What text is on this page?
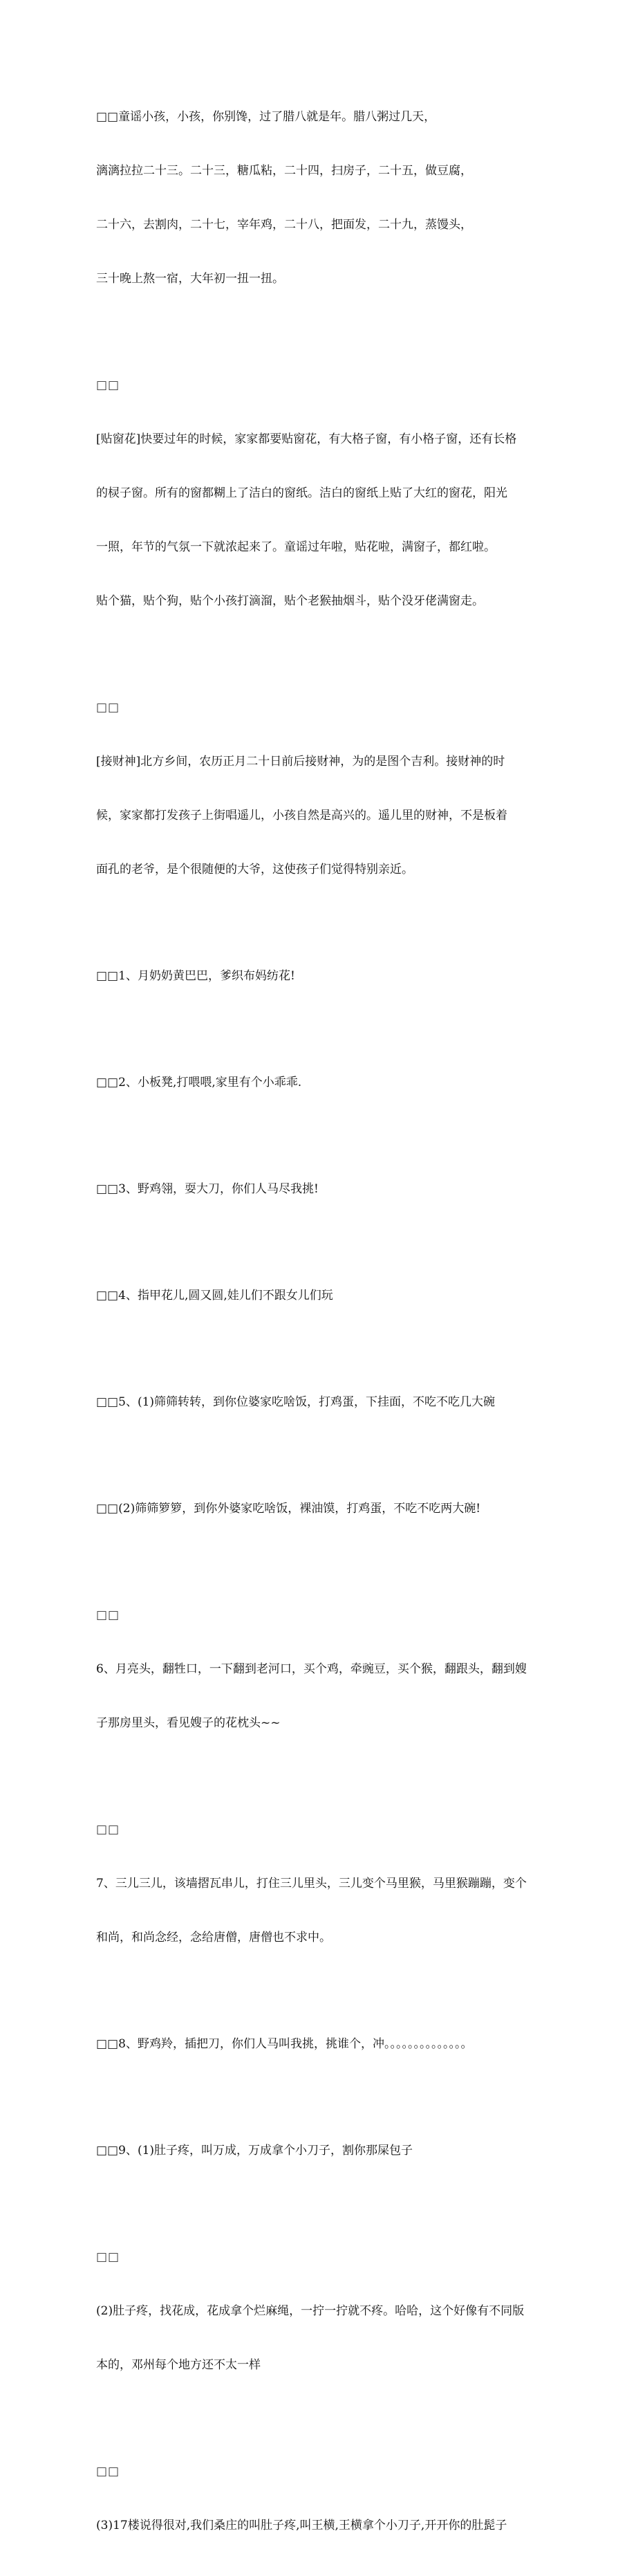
□□童谣小孩，小孩，你别馋，过了腊八就是年。腊八粥过几天，

漓漓拉拉二十三。二十三，糖瓜粘，二十四，扫房子，二十五，做豆腐，

二十六，去割肉，二十七，宰年鸡，二十八，把面发，二十九，蒸馒头，

三十晚上熬一宿，大年初一扭一扭。

□□

[贴窗花]快要过年的时候，家家都要贴窗花，有大格子窗，有小格子窗，还有长格

的棂子窗。所有的窗都糊上了洁白的窗纸。洁白的窗纸上贴了大红的窗花，阳光

一照，年节的气氛一下就浓起来了。童谣过年啦，贴花啦，满窗子，都红啦。

贴个猫，贴个狗，贴个小孩打滴溜，贴个老猴抽烟斗，贴个没牙佬满窗走。

□□

[接财神]北方乡间，农历正月二十日前后接财神，为的是图个吉利。接财神的时

候，家家都打发孩子上街唱遥儿，小孩自然是高兴的。遥儿里的财神，不是板着

面孔的老爷，是个很随便的大爷，这使孩子们觉得特别亲近。

□□1、月奶奶黄巴巴，爹织布妈纺花!

□□2、小板凳,打喂喂,家里有个小乖乖.

□□3、野鸡翎，耍大刀，你们人马尽我挑!

□□4、指甲花儿,圆又圆,娃儿们不跟女儿们玩

□□5、(1)筛筛转转，到你位婆家吃啥饭，打鸡蛋，下挂面，不吃不吃几大碗

□□(2)筛筛箩箩，到你外婆家吃啥饭，裸油馍，打鸡蛋，不吃不吃两大碗!

□□

6、月亮头，翻牲口，一下翻到老河口，买个鸡，牵豌豆，买个猴，翻跟头，翻到嫂

子那房里头，看见嫂子的花枕头~~

□□

7、三儿三儿，该墙摺瓦串儿，打住三儿里头，三儿变个马里猴，马里猴蹦蹦，变个

和尚，和尚念经，念给唐僧，唐僧也不求中。

□□8、野鸡羚，插把刀，你们人马叫我挑，挑谁个，冲。。。。。。。。。。。。。。

□□9、(1)肚子疼，叫万成，万成拿个小刀子，割你那屎包子

□□

(2)肚子疼，找花成，花成拿个烂麻绳，一拧一拧就不疼。哈哈，这个好像有不同版

本的，邓州每个地方还不太一样

□□

(3)17楼说得很对,我们桑庄的叫肚子疼,叫王横,王横拿个小刀子,开开你的肚髭子
